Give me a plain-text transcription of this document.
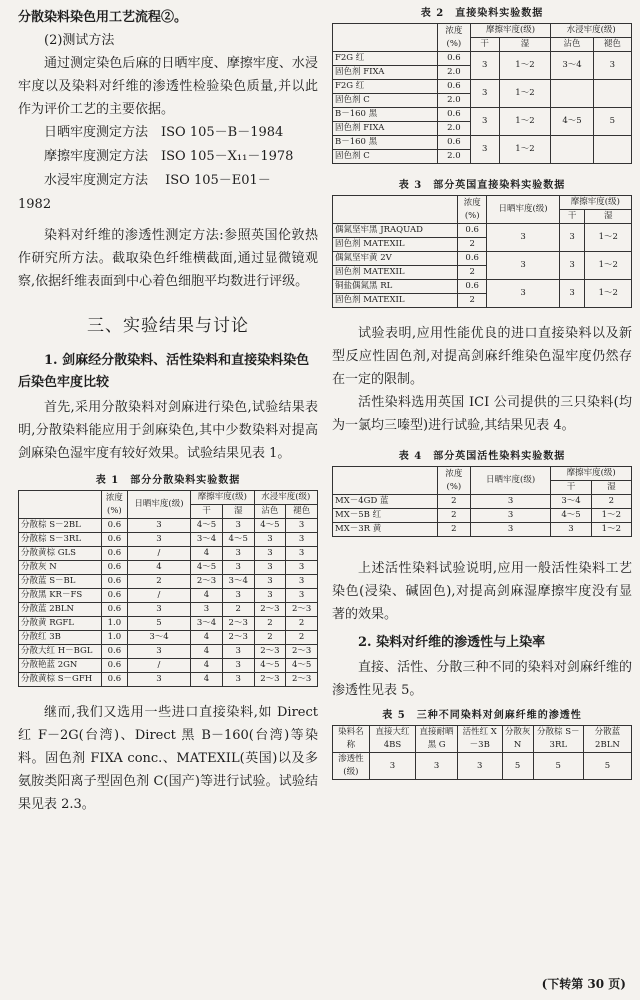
分散染料染色用工艺流程②。

(2)测试方法

通过测定染色后麻的日晒牢度、摩擦牢度、水浸牢度以及染料对纤维的渗透性检验染色质量,并以此作为评价工艺的主要依据。

日晒牢度测定方法　ISO 105－B－1984

摩擦牢度测定方法　ISO 105－X₁₁－1978

水浸牢度测定方法　 ISO 105－E01－

1982

染料对纤维的渗透性测定方法:参照英国伦敦热作研究所方法。截取染色纤维横截面,通过显微镜观察,依据纤维表面到中心着色细胞平均数进行评级。

三、实验结果与讨论

1. 剑麻经分散染料、活性染料和直接染料染色后染色牢度比较

首先,采用分散染料对剑麻进行染色,试验结果表明,分散染料能应用于剑麻染色,其中少数染料对提高剑麻染色湿牢度有较好效果。试验结果见表 1。

表 1　部分分散染料实验数据
	浓度
(%)	日晒牢度(级)	摩擦牢度(级)		水浸牢度(级)	
			干	湿	沾色	褪色
分散棕 S－2BL	0.6	3	4～5	3	4～5	3
分散棕 S－3RL	0.6	3	3～4	4～5	3	3
分散黄棕 GLS	0.6	/	4	3	3	3
分散灰 N	0.6	4	4～5	3	3	3
分散蓝 S－BL	0.6	2	2～3	3～4	3	3
分散黑 KR－FS	0.6	/	4	3	3	3
分散蓝 2BLN	0.6	3	3	2	2～3	2～3
分散黄 RGFL	1.0	5	3～4	2～3	2	2
分散红 3B	1.0	3～4	4	2～3	2	2
分散大红 H－BGL	0.6	3	4	3	2～3	2～3
分散艳蓝 2GN	0.6	/	4	3	4～5	4～5
分散黄棕 S－GFH	0.6	3	4	3	2～3	2～3

继而,我们又选用一些进口直接染料,如 Direct 红 F－2G(台湾)、Direct 黑 B－160(台湾)等染料。固色剂 FIXA conc.、MATEXIL(英国)以及多氨胺类阳离子型固色剂 C(国产)等进行试验。试验结果见表 2.3。

表 2　直接染料实验数据
	浓度
(%)	摩擦牢度(级)		水浸牢度(级)	
		干	湿	沾色	褪色
F2G 红	0.6	3	1～2	3～4	3
固色剂 FIXA	2.0				
F2G 红	0.6	3	1～2		
固色剂 C	2.0				
B－160 黑	0.6	3	1～2	4～5	5
固色剂 FIXA	2.0				
B－160 黑	0.6	3	1～2		
固色剂 C	2.0				
表 3　部分英国直接染料实验数据
	浓度
(%)	日晒牢度(级)	摩擦牢度(级)	
			干	湿
偶氮坚牢黑 JRAQUAD	0.6	3	3	1～2
固色剂 MATEXIL	2			
偶氮坚牢黄 2V	0.6	3	3	1～2
固色剂 MATEXIL	2			
铜盐偶氮黑 RL	0.6	3	3	1～2
固色剂 MATEXIL	2			

试验表明,应用性能优良的进口直接染料以及新型反应性固色剂,对提高剑麻纤维染色湿牢度仍然存在一定的限制。

活性染料选用英国 ICI 公司提供的三只染料(均为一氯均三嗪型)进行试验,其结果见表 4。

表 4　部分英国活性染料实验数据
	浓度
(%)	日晒牢度(级)	摩擦牢度(级)	
			干	湿
MX－4GD 蓝	2	3	3～4	2
MX－5B 红	2	3	4～5	1～2
MX－3R 黄	2	3	3	1～2

上述活性染料试验说明,应用一般活性染料工艺染色(浸染、碱固色),对提高剑麻湿摩擦牢度没有显著的效果。

2. 染料对纤维的渗透性与上染率

直接、活性、分散三种不同的染料对剑麻纤维的渗透性见表 5。

表 5　三种不同染料对剑麻纤维的渗透性
染料名称	直接大红 4BS	直接耐晒黑 G	活性红 X－3B	分散灰 N	分散棕 S－3RL	分散蓝 2BLN
渗透性(级)	3	3	3	5	5	5
(下转第 30 页)
